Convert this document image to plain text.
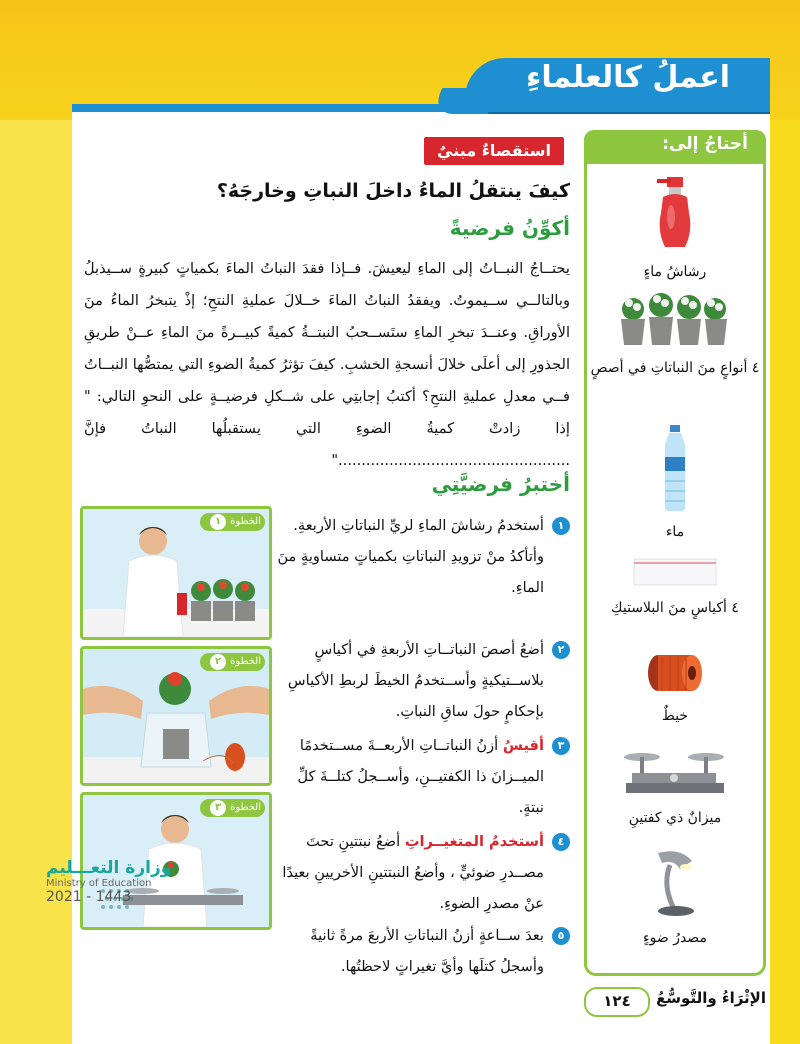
اعملُ كالعلماءِ
رشاشُ ماءٍ
٤ أنواعٍ منَ النباتاتِ في أصصٍ
ماء
٤ أكياسٍ منَ البلاستيكِ
خيطٌ
ميزانٌ ذي كفتينِ
مصدرُ ضوءٍ
أحتاجُ إلى:
استقصاءٌ مبنيٌ
كيفَ ينتقلُ الماءُ داخلَ النباتِ وخارجَهُ؟
أكوِّنُ فرضيةً
يحتــاجُ النبــاتُ إلى الماءِ ليعيشَ. فــإذا فقدَ النباتُ الماءَ بكمياتٍ كبيرةٍ ســيذبلُ وبالتالــي ســيموتُ. ويفقدُ النباتُ الماءَ خــلالَ عمليةِ النتحِ؛ إذْ يتبخرُ الماءُ منَ الأوراقِ. وعنــدَ تبخرِ الماءِ ستَســحبُ النبتــةُ كميةً كبيــرةً منَ الماءِ عــنْ طريقِ الجذورِ إلى أعلَى خلالَ أنسجةِ الخشبِ. كيفَ تؤثرُ كميةُ الضوءِ التي يمتصُّها النبــاتُ فــي معدلِ عمليةِ النتحِ؟ أكتبُ إجابتِي على شــكلِ فرضيــةٍ على النحوِ التالي: " إذا زادتْ كميةُ الضوءِ التي يستقبلُها النباتُ فإنَّ .................................................."
أختبرُ فرضيَّتِي
١
أستخدمُ رشاشَ الماءِ لريِّ النباتاتِ الأربعةِ. وأتأكدُ منْ تزويدِ النباتاتِ بكمياتٍ متساويةٍ منَ الماءِ.
٢
أضعُ أصصَ النباتــاتِ الأربعةِ في أكياسٍ بلاســتيكيةٍ وأســتخدمُ الخيطَ لربطِ الأكياسِ بإحكامٍ حولَ ساقِ النباتِ.
٣
أقيسُ أزنُ النباتــاتِ الأربعــةَ مســتخدمًا الميــزانَ ذا الكفتيــنِ، وأســجلُ كتلــةَ كلِّ نبتةٍ.
٤
أستخدمُ المتغيــراتِ أضعُ نبتتينِ تحتَ مصــدرِ ضوئيٍّ ، وأضعُ النبتتينِ الأخريينِ بعيدًا عنْ مصدرِ الضوءِ.
٥
بعدَ ســاعةٍ أزنُ النباتاتِ الأربعَ مرةً ثانيةً وأسجلُ كتلَها وأيَّ تغيراتٍ لاحظتُها.
الخطوة١
الخطوة٢
الخطوة٣
وزارة التعـــليم
Ministry of Education
2021 - 1443
الإثْرَاءُ والتَّوسُّعُ
١٢٤
